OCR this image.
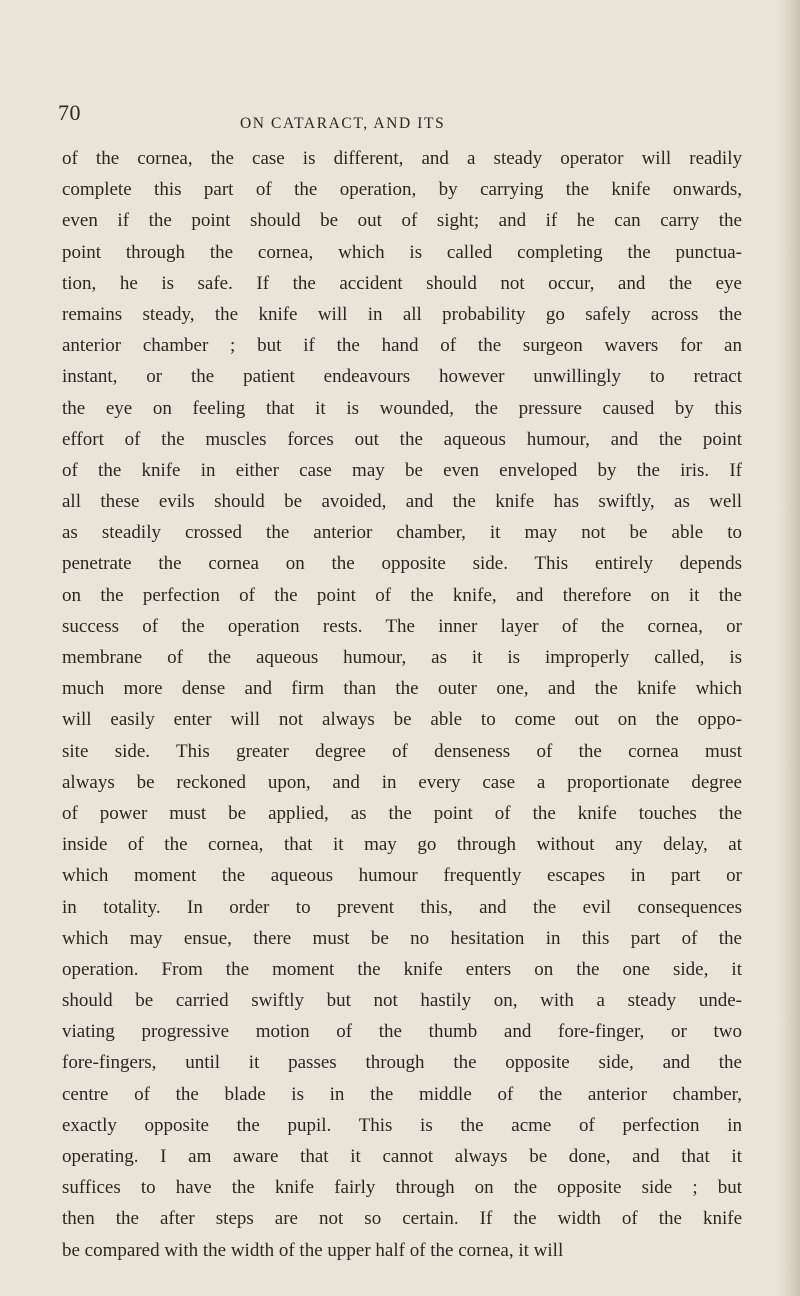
70	ON CATARACT, AND ITS
of the cornea, the case is different, and a steady operator will readily
complete this part of the operation, by carrying the knife onwards,
even if the point should be out of sight; and if he can carry the
point through the cornea, which is called completing the punctua-
tion, he is safe. If the accident should not occur, and the eye
remains steady, the knife will in all probability go safely across the
anterior chamber ; but if the hand of the surgeon wavers for an
instant, or the patient endeavours however unwillingly to retract
the eye on feeling that it is wounded, the pressure caused by this
effort of the muscles forces out the aqueous humour, and the point
of the knife in either case may be even enveloped by the iris. If
all these evils should be avoided, and the knife has swiftly, as well
as steadily crossed the anterior chamber, it may not be able to
penetrate the cornea on the opposite side. This entirely depends
on the perfection of the point of the knife, and therefore on it the
success of the operation rests. The inner layer of the cornea, or
membrane of the aqueous humour, as it is improperly called, is
much more dense and firm than the outer one, and the knife which
will easily enter will not always be able to come out on the oppo-
site side. This greater degree of denseness of the cornea must
always be reckoned upon, and in every case a proportionate degree
of power must be applied, as the point of the knife touches the
inside of the cornea, that it may go through without any delay, at
which moment the aqueous humour frequently escapes in part or
in totality. In order to prevent this, and the evil consequences
which may ensue, there must be no hesitation in this part of the
operation. From the moment the knife enters on the one side, it
should be carried swiftly but not hastily on, with a steady unde-
viating progressive motion of the thumb and fore-finger, or two
fore-fingers, until it passes through the opposite side, and the
centre of the blade is in the middle of the anterior chamber,
exactly opposite the pupil. This is the acme of perfection in
operating. I am aware that it cannot always be done, and that it
suffices to have the knife fairly through on the opposite side ; but
then the after steps are not so certain. If the width of the knife
be compared with the width of the upper half of the cornea, it will
